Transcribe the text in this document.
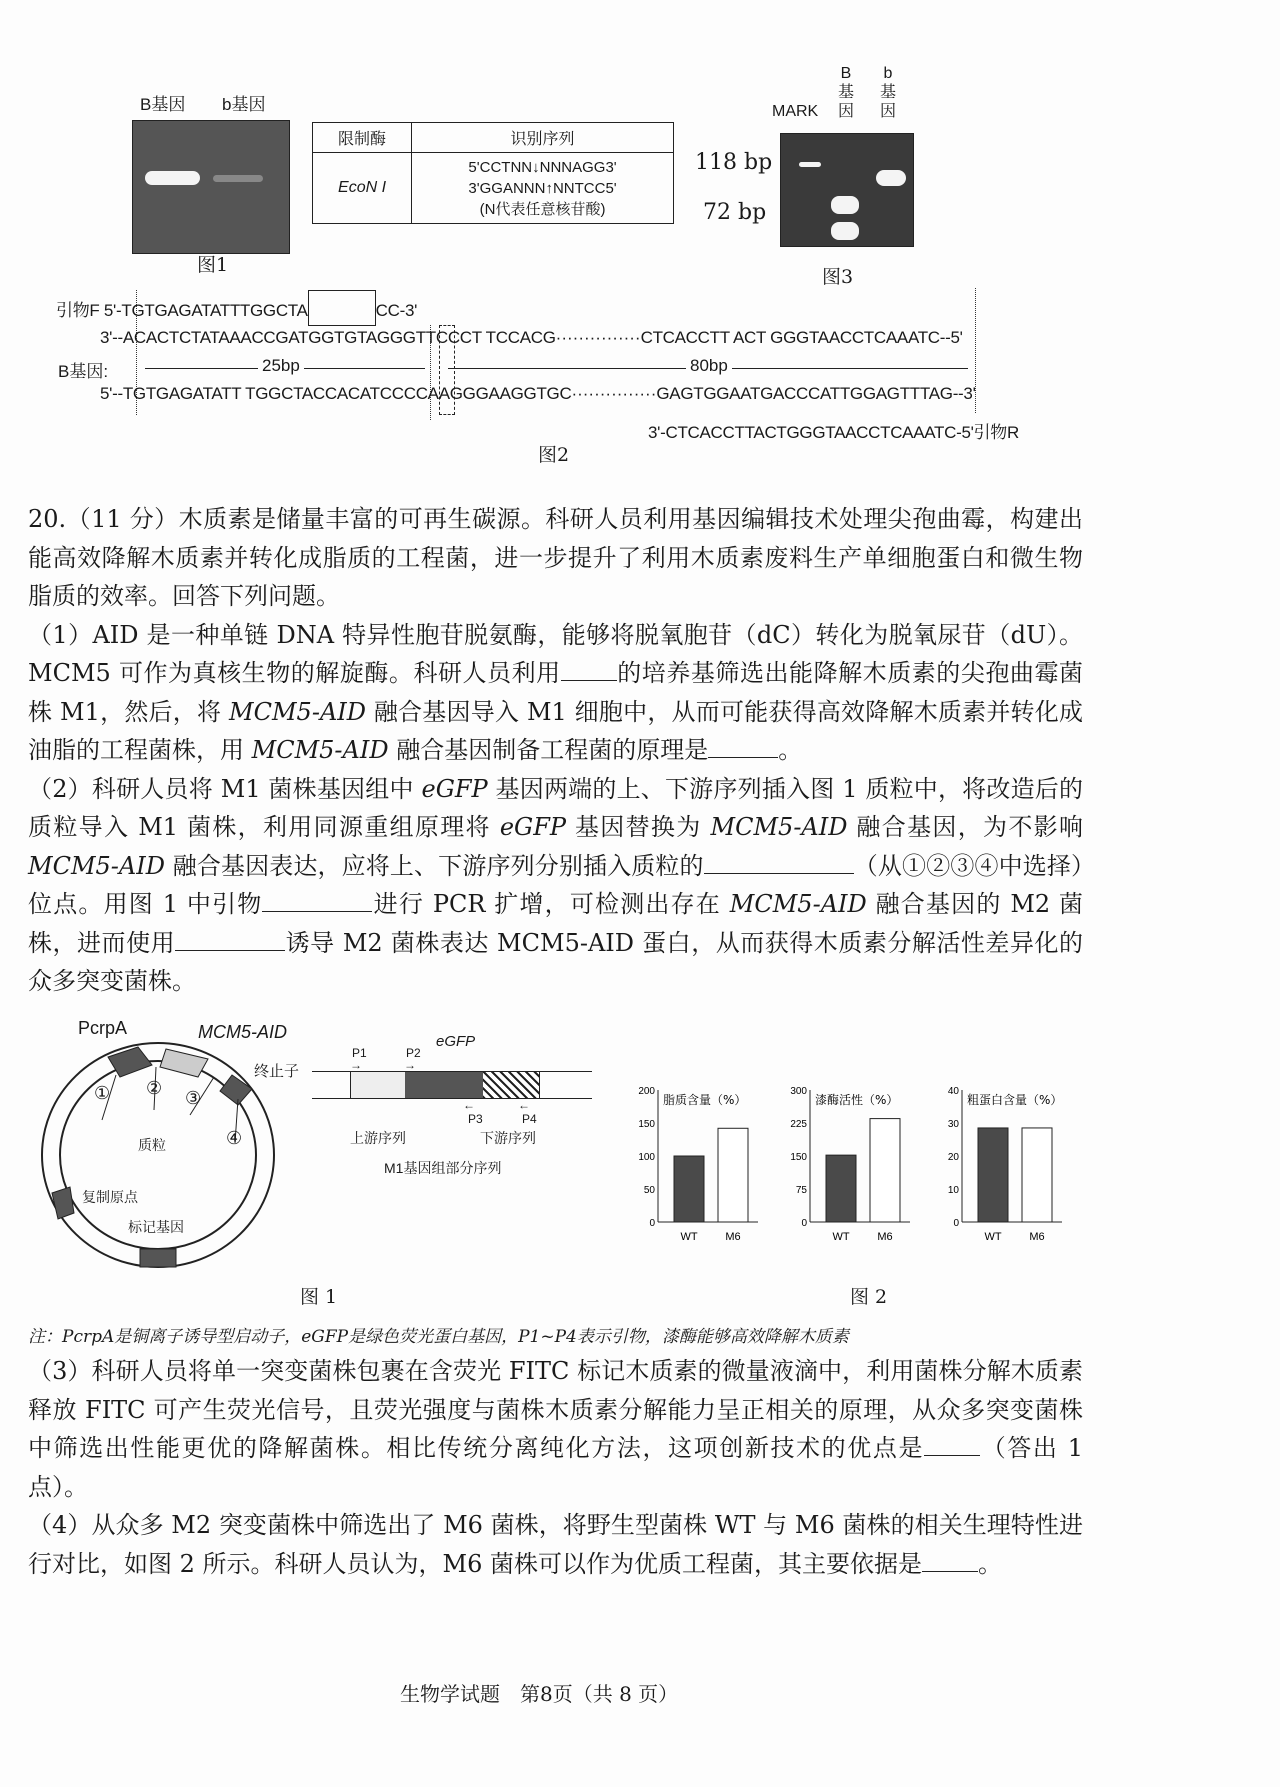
B基因 b基因
图1
限制酶	识别序列
EcoN I	5'CCTNN↓NNNAGG3'
3'GGANNN↑NNTCC5'
(N代表任意核苷酸)
MARK
B
基
因
b
基
因
118 bp
72 bp
图3
引物F 5'-TGTGAGATATTTGGCTA	CC-3'
3'--ACACTCTATAAACCGATGGTGTAGGGTTCCCT TCCACG···············CTCACCTT ACT GGGTAACCTCAAATC--5'
B基因:	25bp	80bp
5'--TGTGAGATATT TGGCTACCACATCCCCAAGGGAAGGTGC···············GAGTGGAATGACCCATTGGAGTTTAG--3'
3'-CTCACCTTACTGGGTAACCTCAAATC-5'引物R
图2

20.（11 分）木质素是储量丰富的可再生碳源。科研人员利用基因编辑技术处理尖孢曲霉，构建出能高效降解木质素并转化成脂质的工程菌，进一步提升了利用木质素废料生产单细胞蛋白和微生物脂质的效率。回答下列问题。

（1）AID 是一种单链 DNA 特异性胞苷脱氨酶，能够将脱氧胞苷（dC）转化为脱氧尿苷（dU）。MCM5 可作为真核生物的解旋酶。科研人员利用 的培养基筛选出能降解木质素的尖孢曲霉菌株 M1，然后，将 MCM5-AID 融合基因导入 M1 细胞中，从而可能获得高效降解木质素并转化成油脂的工程菌株，用 MCM5-AID 融合基因制备工程菌的原理是	。

（2）科研人员将 M1 菌株基因组中 eGFP 基因两端的上、下游序列插入图 1 质粒中，将改造后的质粒导入 M1 菌株，利用同源重组原理将 eGFP 基因替换为 MCM5-AID 融合基因，为不影响 MCM5-AID 融合基因表达，应将上、下游序列分别插入质粒的	（从①②③④中选择）位点。用图 1 中引物	进行 PCR 扩增，可检测出存在 MCM5-AID 融合基因的 M2 菌株，进而使用	诱导 M2 菌株表达 MCM5-AID 蛋白，从而获得木质素分解活性差异化的众多突变菌株。

PcrpA	MCM5-AID
终止子
① ② ③
④
质粒
复制原点
标记基因
P1
→
P2
→
eGFP
←
P3
←
P4
上游序列	下游序列
M1基因组部分序列
0
50
100
150
200
脂质含量（%）
WT	M6
0
75
150
225
300
漆酶活性（%）
WT	M6
0
10
20
30
40
粗蛋白含量（%）
WT	M6
图 1	图 2
注：PcrpA是铜离子诱导型启动子，eGFP是绿色荧光蛋白基因，P1~P4表示引物，漆酶能够高效降解木质素

（3）科研人员将单一突变菌株包裹在含荧光 FITC 标记木质素的微量液滴中，利用菌株分解木质素释放 FITC 可产生荧光信号，且荧光强度与菌株木质素分解能力呈正相关的原理，从众多突变菌株中筛选出性能更优的降解菌株。相比传统分离纯化方法，这项创新技术的优点是 （答出 1 点）。

（4）从众多 M2 突变菌株中筛选出了 M6 菌株，将野生型菌株 WT 与 M6 菌株的相关生理特性进行对比，如图 2 所示。科研人员认为，M6 菌株可以作为优质工程菌，其主要依据是 。

生物学试题　第8页（共 8 页）
